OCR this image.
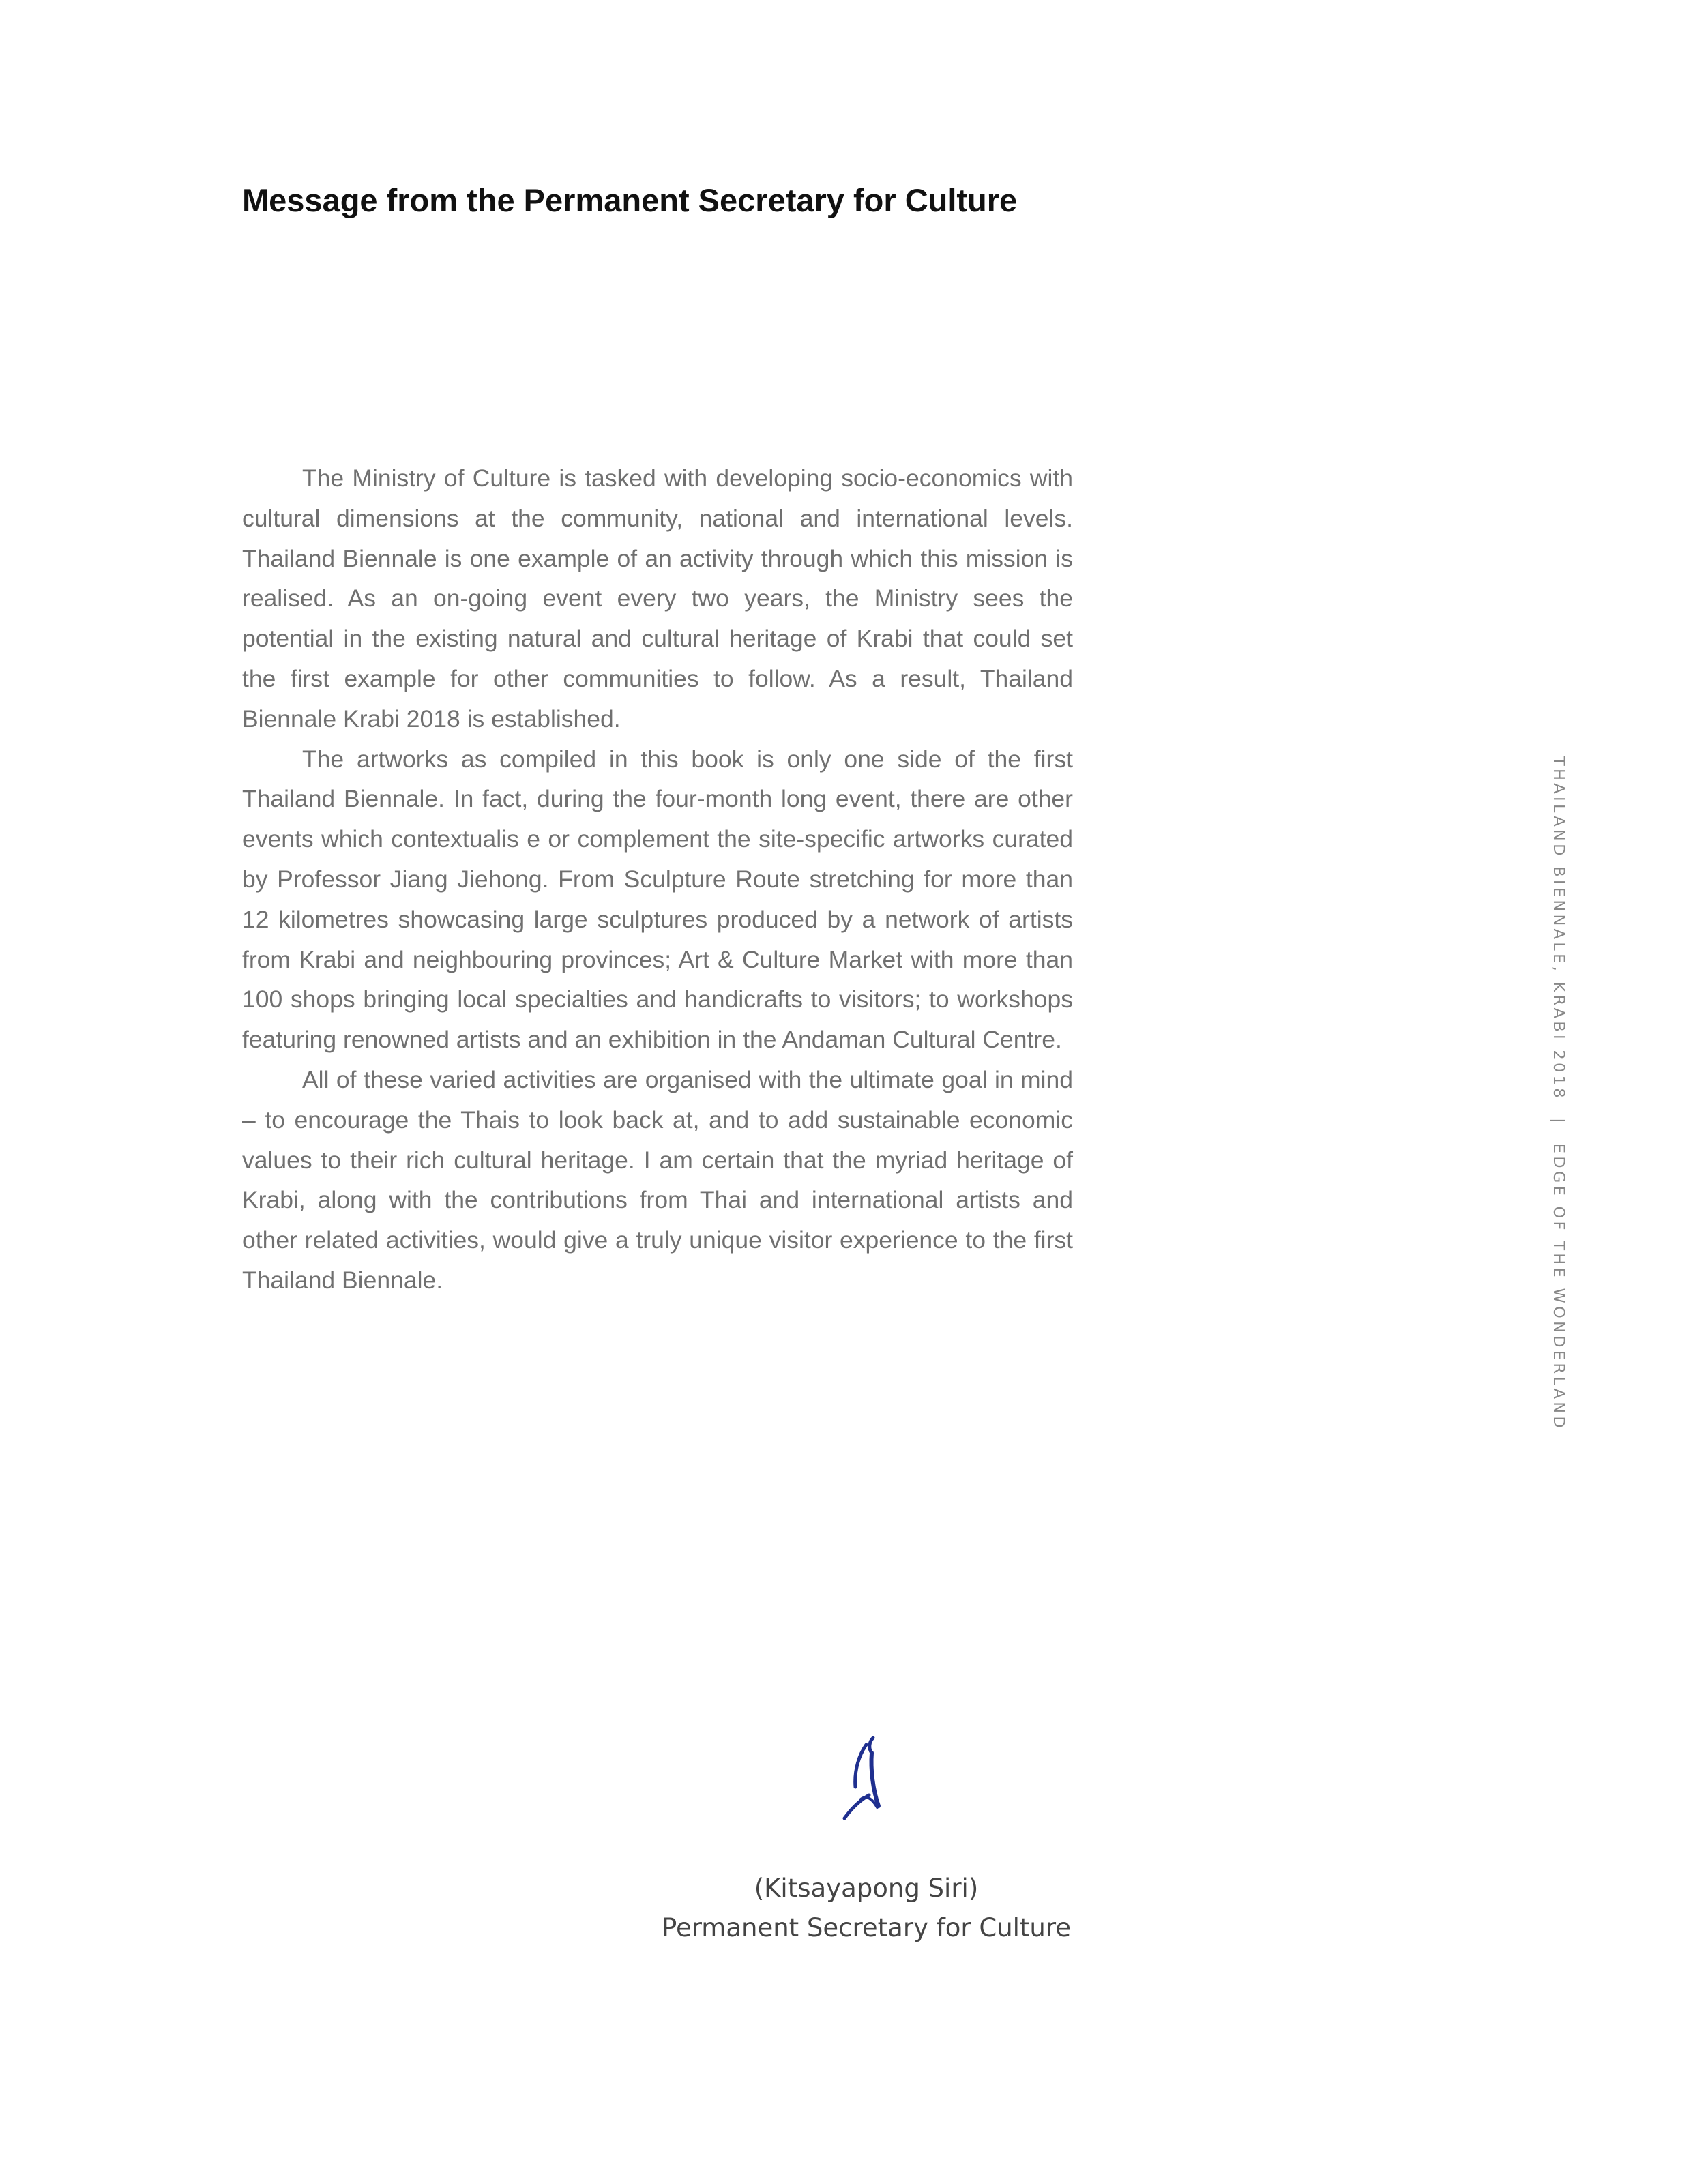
Message from the Permanent Secretary for Culture

The Ministry of Culture is tasked with developing socio-economics with cultural dimensions at the community, national and international levels. Thailand Biennale is one example of an activity through which this mission is realised. As an on-going event every two years, the Ministry sees the potential in the existing natural and cultural heritage of Krabi that could set the first example for other communities to follow. As a result, Thailand Biennale Krabi 2018 is established.

The artworks as compiled in this book is only one side of the first Thailand Biennale. In fact, during the four-month long event, there are other events which contextualis e or complement the site-specific artworks curated by Professor Jiang Jiehong. From Sculpture Route stretching for more than 12 kilometres showcasing large sculptures produced by a network of artists from Krabi and neighbouring provinces; Art & Culture Market with more than 100 shops bringing local specialties and handicrafts to visitors; to workshops featuring renowned artists and an exhibition in the Andaman Cultural Centre.

All of these varied activities are organised with the ultimate goal in mind – to encourage the Thais to look back at, and to add sustainable economic values to their rich cultural heritage. I am certain that the myriad heritage of Krabi, along with the contributions from Thai and international artists and other related activities, would give a truly unique visitor experience to the first Thailand Biennale.

(Kitsayapong Siri)
Permanent Secretary for Culture
THAILAND BIENNALE, KRABI 2018 | EDGE OF THE WONDERLAND
